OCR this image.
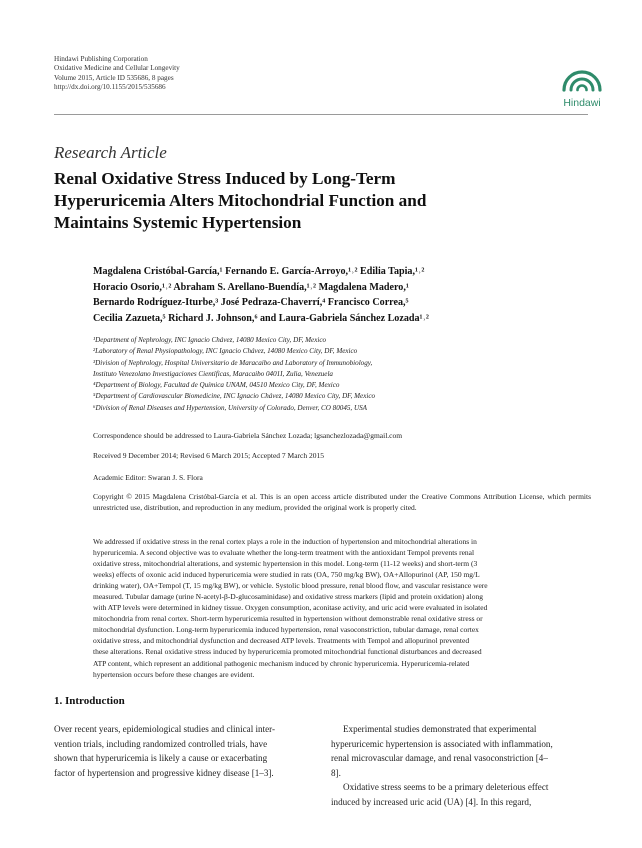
Hindawi Publishing Corporation
Oxidative Medicine and Cellular Longevity
Volume 2015, Article ID 535686, 8 pages
http://dx.doi.org/10.1155/2015/535686
Hindawi
Research Article
Renal Oxidative Stress Induced by Long-Term
Hyperuricemia Alters Mitochondrial Function and
Maintains Systemic Hypertension
Magdalena Cristóbal-García,¹ Fernando E. García-Arroyo,¹˒² Edilia Tapia,¹˒²
Horacio Osorio,¹˒² Abraham S. Arellano-Buendía,¹˒² Magdalena Madero,¹
Bernardo Rodríguez-Iturbe,³ José Pedraza-Chaverrí,⁴ Francisco Correa,⁵
Cecilia Zazueta,⁵ Richard J. Johnson,⁶ and Laura-Gabriela Sánchez Lozada¹˒²
¹Department of Nephrology, INC Ignacio Chávez, 14080 Mexico City, DF, Mexico
²Laboratory of Renal Physiopathology, INC Ignacio Chávez, 14080 Mexico City, DF, Mexico
³Division of Nephrology, Hospital Universitario de Maracaibo and Laboratory of Immunobiology,
Instituto Venezolano Investigaciones Científicas, Maracaibo 0401I, Zulia, Venezuela
⁴Department of Biology, Facultad de Química UNAM, 04510 Mexico City, DF, Mexico
⁵Department of Cardiovascular Biomedicine, INC Ignacio Chávez, 14080 Mexico City, DF, Mexico
⁶Division of Renal Diseases and Hypertension, University of Colorado, Denver, CO 80045, USA
Correspondence should be addressed to Laura-Gabriela Sánchez Lozada; lgsanchezlozada@gmail.com
Received 9 December 2014; Revised 6 March 2015; Accepted 7 March 2015
Academic Editor: Swaran J. S. Flora
Copyright © 2015 Magdalena Cristóbal-García et al. This is an open access article distributed under the Creative Commons Attribution License, which permits unrestricted use, distribution, and reproduction in any medium, provided the original work is properly cited.
We addressed if oxidative stress in the renal cortex plays a role in the induction of hypertension and mitochondrial alterations in
hyperuricemia. A second objective was to evaluate whether the long-term treatment with the antioxidant Tempol prevents renal
oxidative stress, mitochondrial alterations, and systemic hypertension in this model. Long-term (11-12 weeks) and short-term (3
weeks) effects of oxonic acid induced hyperuricemia were studied in rats (OA, 750 mg/kg BW), OA+Allopurinol (AP, 150 mg/L
drinking water), OA+Tempol (T, 15 mg/kg BW), or vehicle. Systolic blood pressure, renal blood flow, and vascular resistance were
measured. Tubular damage (urine N-acetyl-β-D-glucosaminidase) and oxidative stress markers (lipid and protein oxidation) along
with ATP levels were determined in kidney tissue. Oxygen consumption, aconitase activity, and uric acid were evaluated in isolated
mitochondria from renal cortex. Short-term hyperuricemia resulted in hypertension without demonstrable renal oxidative stress or
mitochondrial dysfunction. Long-term hyperuricemia induced hypertension, renal vasoconstriction, tubular damage, renal cortex
oxidative stress, and mitochondrial dysfunction and decreased ATP levels. Treatments with Tempol and allopurinol prevented
these alterations. Renal oxidative stress induced by hyperuricemia promoted mitochondrial functional disturbances and decreased
ATP content, which represent an additional pathogenic mechanism induced by chronic hyperuricemia. Hyperuricemia-related
hypertension occurs before these changes are evident.
1. Introduction
Over recent years, epidemiological studies and clinical inter-
vention trials, including randomized controlled trials, have
shown that hyperuricemia is likely a cause or exacerbating
factor of hypertension and progressive kidney disease [1–3].
Experimental studies demonstrated that experimental
hyperuricemic hypertension is associated with inflammation,
renal microvascular damage, and renal vasoconstriction [4–
8].
Oxidative stress seems to be a primary deleterious effect
induced by increased uric acid (UA) [4]. In this regard,
